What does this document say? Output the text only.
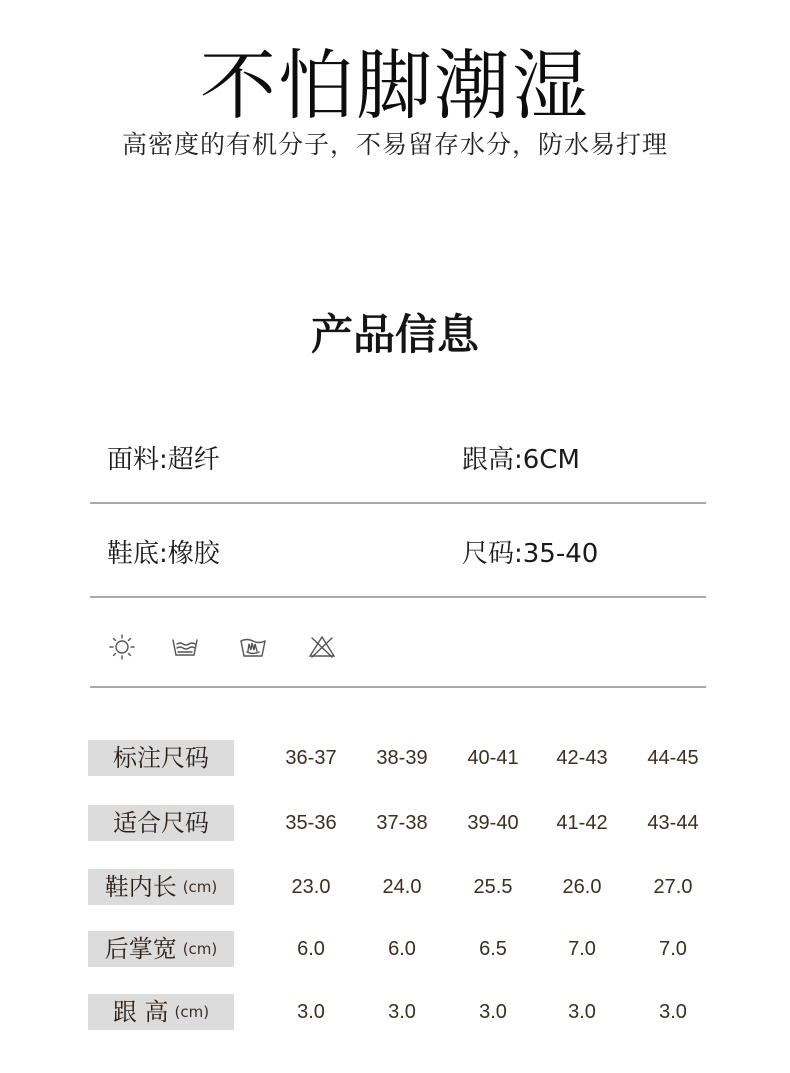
不怕脚潮湿
高密度的有机分子，不易留存水分，防水易打理
产品信息
面料:超纤	跟高:6CM
鞋底:橡胶	尺码:35-40
标注尺码	36-37	38-39	40-41	42-43	44-45
适合尺码	35-36	37-38	39-40	41-42	43-44
鞋内长 (cm)	23.0	24.0	25.5	26.0	27.0
后掌宽 (cm)	6.0	6.0	6.5	7.0	7.0
跟 高 (cm)	3.0	3.0	3.0	3.0	3.0
